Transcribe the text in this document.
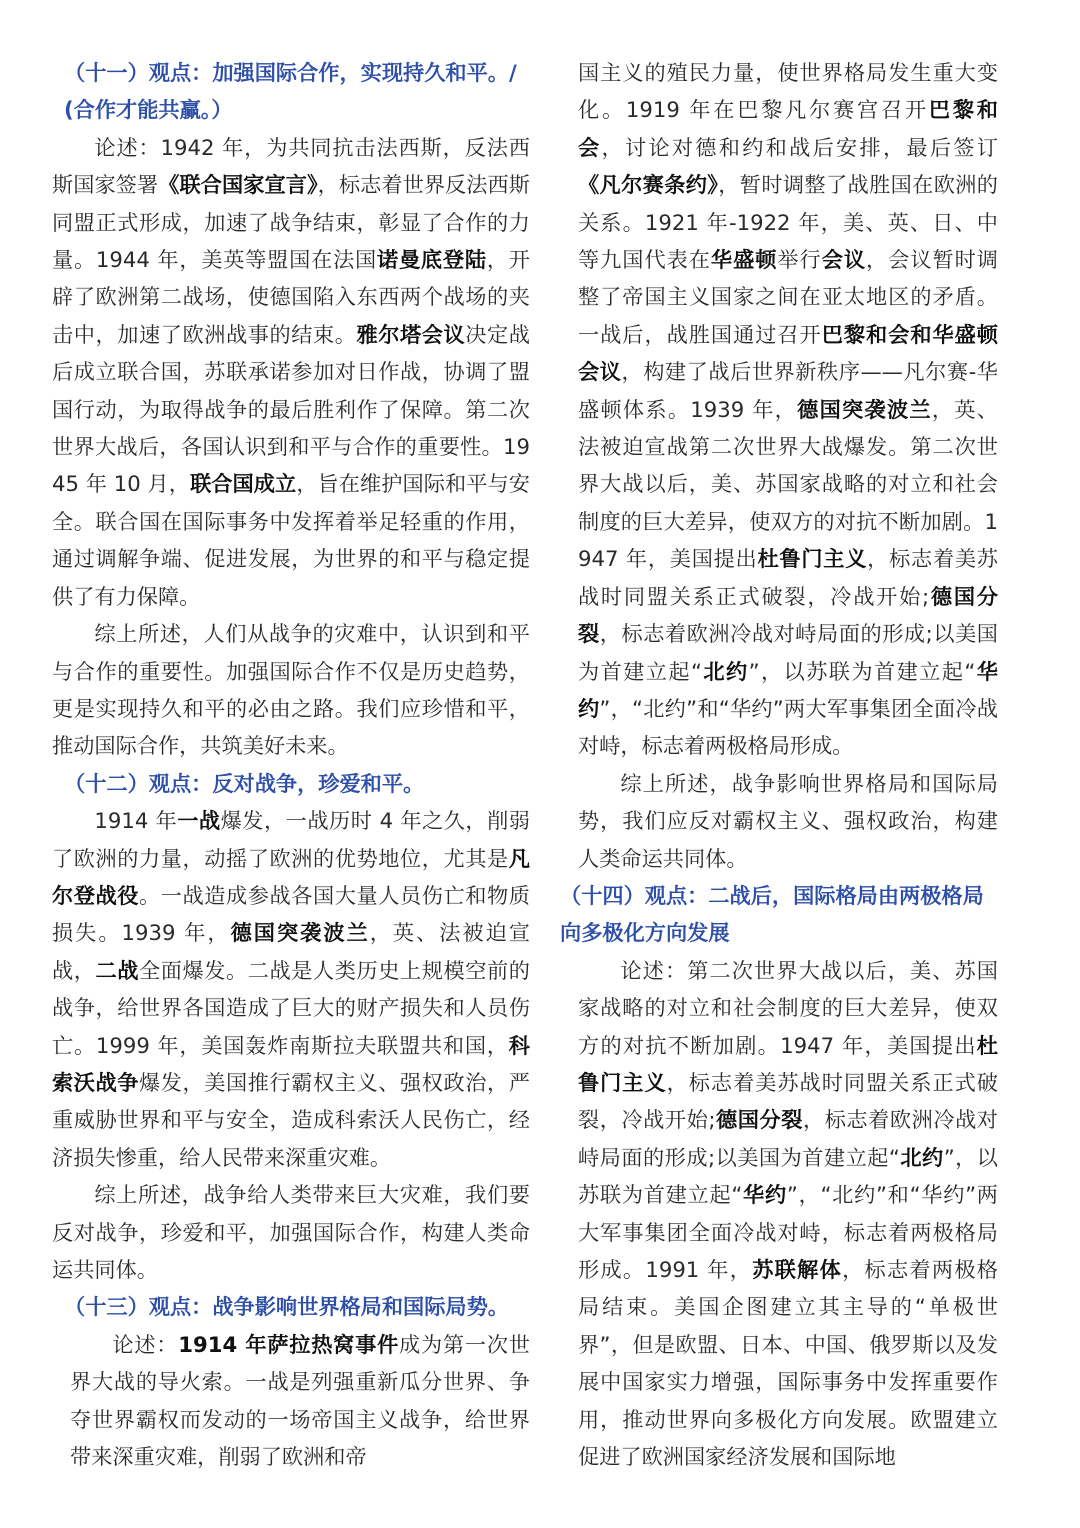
（十一）观点：加强国际合作，实现持久和平。/
(合作才能共赢。）

论述：1942 年，为共同抗击法西斯，反法西斯国家签署《联合国家宣言》，标志着世界反法西斯同盟正式形成，加速了战争结束，彰显了合作的力量。1944 年，美英等盟国在法国诺曼底登陆，开辟了欧洲第二战场，使德国陷入东西两个战场的夹击中，加速了欧洲战事的结束。雅尔塔会议决定战后成立联合国，苏联承诺参加对日作战，协调了盟国行动，为取得战争的最后胜利作了保障。第二次世界大战后，各国认识到和平与合作的重要性。1945 年 10 月，联合国成立，旨在维护国际和平与安全。联合国在国际事务中发挥着举足轻重的作用，通过调解争端、促进发展，为世界的和平与稳定提供了有力保障。

综上所述，人们从战争的灾难中，认识到和平与合作的重要性。加强国际合作不仅是历史趋势，更是实现持久和平的必由之路。我们应珍惜和平，推动国际合作，共筑美好未来。

（十二）观点：反对战争，珍爱和平。

1914 年一战爆发，一战历时 4 年之久，削弱了欧洲的力量，动摇了欧洲的优势地位，尤其是凡尔登战役。一战造成参战各国大量人员伤亡和物质损失。1939 年，德国突袭波兰，英、法被迫宣战，二战全面爆发。二战是人类历史上规模空前的战争，给世界各国造成了巨大的财产损失和人员伤亡。1999 年，美国轰炸南斯拉夫联盟共和国，科索沃战争爆发，美国推行霸权主义、强权政治，严重威胁世界和平与安全，造成科索沃人民伤亡，经济损失惨重，给人民带来深重灾难。

综上所述，战争给人类带来巨大灾难，我们要反对战争，珍爱和平，加强国际合作，构建人类命运共同体。

（十三）观点：战争影响世界格局和国际局势。

论述：1914 年萨拉热窝事件成为第一次世界大战的导火索。一战是列强重新瓜分世界、争夺世界霸权而发动的一场帝国主义战争，给世界带来深重灾难，削弱了欧洲和帝

国主义的殖民力量，使世界格局发生重大变化。1919 年在巴黎凡尔赛宫召开巴黎和会，讨论对德和约和战后安排，最后签订《凡尔赛条约》，暂时调整了战胜国在欧洲的关系。1921 年-1922 年，美、英、日、中等九国代表在华盛顿举行会议，会议暂时调整了帝国主义国家之间在亚太地区的矛盾。一战后，战胜国通过召开巴黎和会和华盛顿会议，构建了战后世界新秩序——凡尔赛-华盛顿体系。1939 年，德国突袭波兰，英、法被迫宣战第二次世界大战爆发。第二次世界大战以后，美、苏国家战略的对立和社会制度的巨大差异，使双方的对抗不断加剧。1947 年，美国提出杜鲁门主义，标志着美苏战时同盟关系正式破裂，冷战开始;德国分裂，标志着欧洲冷战对峙局面的形成;以美国为首建立起“北约”，以苏联为首建立起“华约”，“北约”和“华约”两大军事集团全面冷战对峙，标志着两极格局形成。

综上所述，战争影响世界格局和国际局势，我们应反对霸权主义、强权政治，构建人类命运共同体。

（十四）观点：二战后，国际格局由两极格局
向多极化方向发展

论述：第二次世界大战以后，美、苏国家战略的对立和社会制度的巨大差异，使双方的对抗不断加剧。1947 年，美国提出杜鲁门主义，标志着美苏战时同盟关系正式破裂，冷战开始;德国分裂，标志着欧洲冷战对峙局面的形成;以美国为首建立起“北约”，以苏联为首建立起“华约”，“北约”和“华约”两大军事集团全面冷战对峙，标志着两极格局形成。1991 年，苏联解体，标志着两极格局结束。美国企图建立其主导的“单极世界”，但是欧盟、日本、中国、俄罗斯以及发展中国家实力增强，国际事务中发挥重要作用，推动世界向多极化方向发展。欧盟建立促进了欧洲国家经济发展和国际地
